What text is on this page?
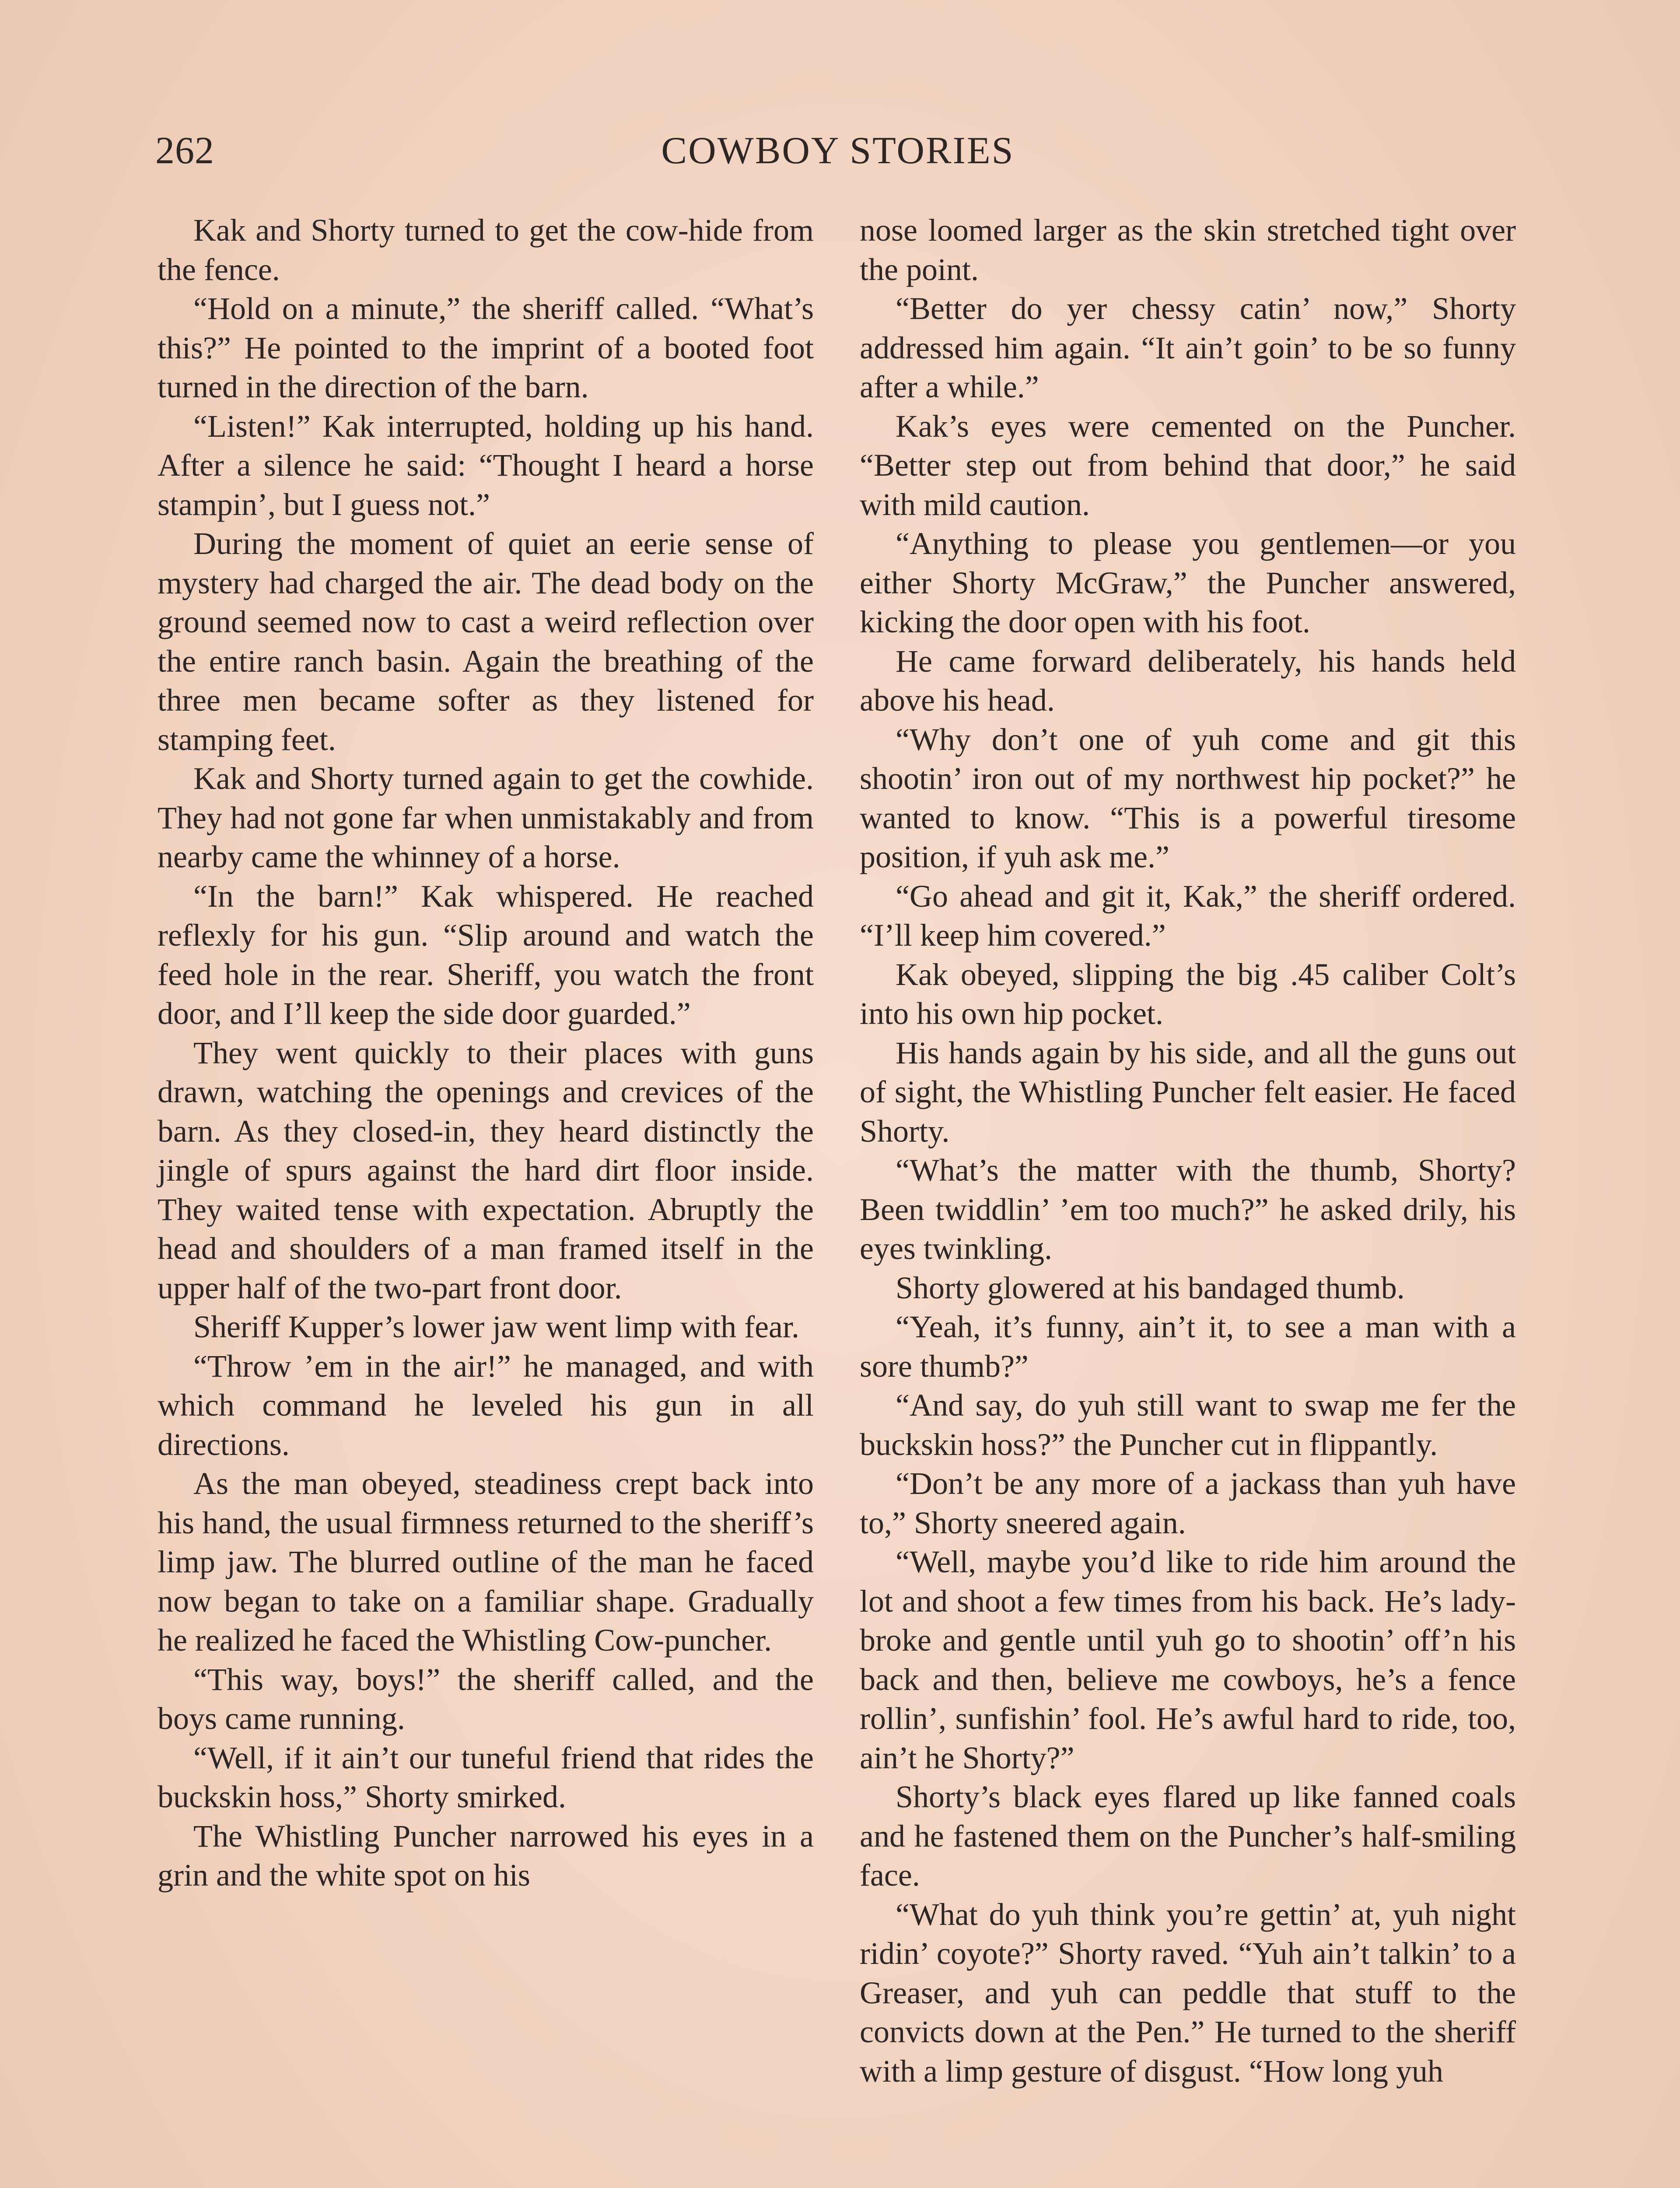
262	COWBOY STORIES

Kak and Shorty turned to get the cow-hide from the fence.

“Hold on a minute,” the sheriff called. “What’s this?” He pointed to the imprint of a booted foot turned in the direction of the barn.

“Listen!” Kak interrupted, holding up his hand. After a silence he said: “Thought I heard a horse stampin’, but I guess not.”

During the moment of quiet an eerie sense of mystery had charged the air. The dead body on the ground seemed now to cast a weird reflection over the entire ranch basin. Again the breathing of the three men became softer as they listened for stamping feet.

Kak and Shorty turned again to get the cowhide. They had not gone far when unmistakably and from nearby came the whinney of a horse.

“In the barn!” Kak whispered. He reached reflexly for his gun. “Slip around and watch the feed hole in the rear. Sheriff, you watch the front door, and I’ll keep the side door guarded.”

They went quickly to their places with guns drawn, watching the openings and crevices of the barn. As they closed-in, they heard distinctly the jingle of spurs against the hard dirt floor inside. They waited tense with expectation. Abruptly the head and shoulders of a man framed itself in the upper half of the two-part front door.

Sheriff Kupper’s lower jaw went limp with fear.

“Throw ’em in the air!” he managed, and with which command he leveled his gun in all directions.

As the man obeyed, steadiness crept back into his hand, the usual firmness returned to the sheriff’s limp jaw. The blurred outline of the man he faced now began to take on a familiar shape. Gradually he realized he faced the Whistling Cow-puncher.

“This way, boys!” the sheriff called, and the boys came running.

“Well, if it ain’t our tuneful friend that rides the buckskin hoss,” Shorty smirked.

The Whistling Puncher narrowed his eyes in a grin and the white spot on his

nose loomed larger as the skin stretched tight over the point.

“Better do yer chessy catin’ now,” Shorty addressed him again. “It ain’t goin’ to be so funny after a while.”

Kak’s eyes were cemented on the Puncher. “Better step out from behind that door,” he said with mild caution.

“Anything to please you gentlemen—or you either Shorty McGraw,” the Puncher answered, kicking the door open with his foot.

He came forward deliberately, his hands held above his head.

“Why don’t one of yuh come and git this shootin’ iron out of my northwest hip pocket?” he wanted to know. “This is a powerful tiresome position, if yuh ask me.”

“Go ahead and git it, Kak,” the sheriff ordered. “I’ll keep him covered.”

Kak obeyed, slipping the big .45 caliber Colt’s into his own hip pocket.

His hands again by his side, and all the guns out of sight, the Whistling Puncher felt easier. He faced Shorty.

“What’s the matter with the thumb, Shorty? Been twiddlin’ ’em too much?” he asked drily, his eyes twinkling.

Shorty glowered at his bandaged thumb.

“Yeah, it’s funny, ain’t it, to see a man with a sore thumb?”

“And say, do yuh still want to swap me fer the buckskin hoss?” the Puncher cut in flippantly.

“Don’t be any more of a jackass than yuh have to,” Shorty sneered again.

“Well, maybe you’d like to ride him around the lot and shoot a few times from his back. He’s lady-broke and gentle until yuh go to shootin’ off’n his back and then, believe me cowboys, he’s a fence rollin’, sunfishin’ fool. He’s awful hard to ride, too, ain’t he Shorty?”

Shorty’s black eyes flared up like fanned coals and he fastened them on the Puncher’s half-smiling face.

“What do yuh think you’re gettin’ at, yuh night ridin’ coyote?” Shorty raved. “Yuh ain’t talkin’ to a Greaser, and yuh can peddle that stuff to the convicts down at the Pen.” He turned to the sheriff with a limp gesture of disgust. “How long yuh
